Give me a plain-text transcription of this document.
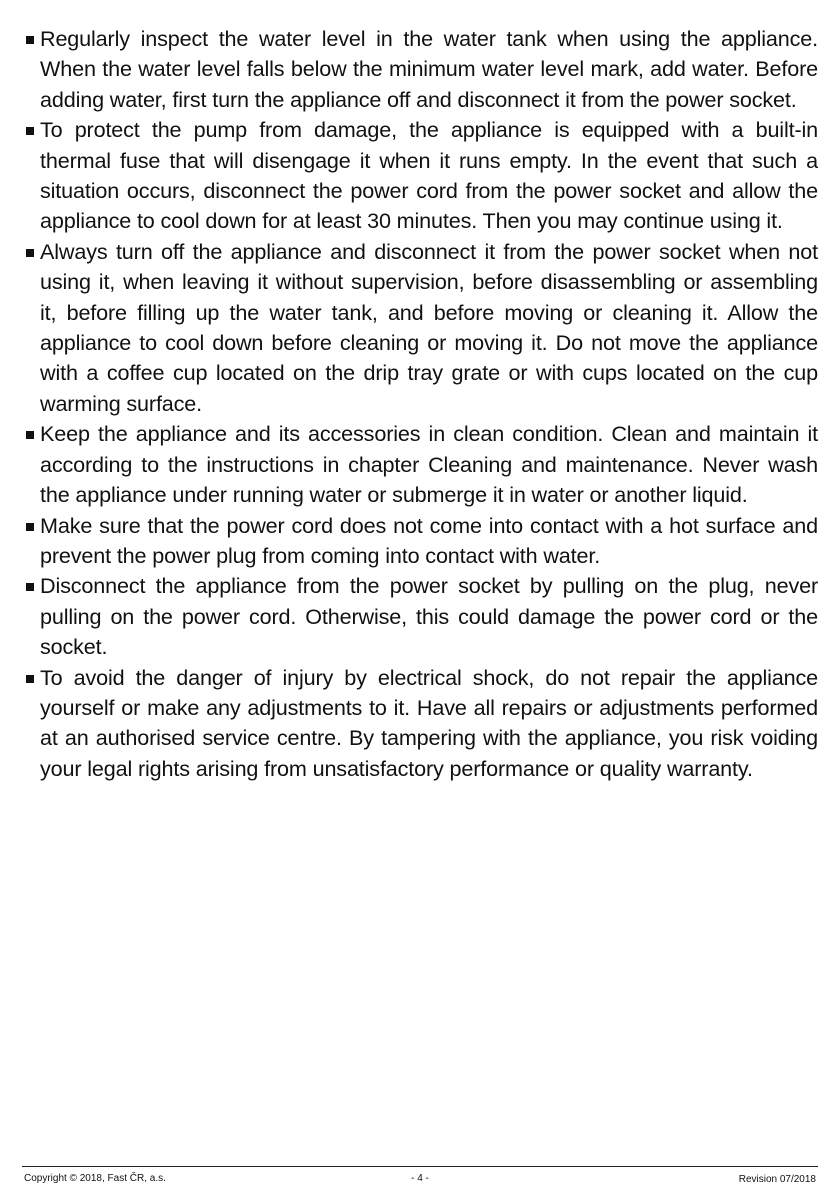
Regularly inspect the water level in the water tank when using the appliance. When the water level falls below the minimum water level mark, add water. Before adding water, first turn the appliance off and disconnect it from the power socket.
To protect the pump from damage, the appliance is equipped with a built-in thermal fuse that will disengage it when it runs empty. In the event that such a situation occurs, disconnect the power cord from the power socket and allow the appliance to cool down for at least 30 minutes. Then you may continue using it.
Always turn off the appliance and disconnect it from the power socket when not using it, when leaving it without supervision, before disassembling or assembling it, before filling up the water tank, and before moving or cleaning it. Allow the appliance to cool down before cleaning or moving it. Do not move the appliance with a coffee cup located on the drip tray grate or with cups located on the cup warming surface.
Keep the appliance and its accessories in clean condition. Clean and maintain it according to the instructions in chapter Cleaning and maintenance. Never wash the appliance under running water or submerge it in water or another liquid.
Make sure that the power cord does not come into contact with a hot surface and prevent the power plug from coming into contact with water.
Disconnect the appliance from the power socket by pulling on the plug, never pulling on the power cord. Otherwise, this could damage the power cord or the socket.
To avoid the danger of injury by electrical shock, do not repair the appliance yourself or make any adjustments to it. Have all repairs or adjustments performed at an authorised service centre. By tampering with the appliance, you risk voiding your legal rights arising from unsatisfactory performance or quality warranty.
Copyright © 2018, Fast ČR, a.s.	- 4 -	Revision 07/2018
